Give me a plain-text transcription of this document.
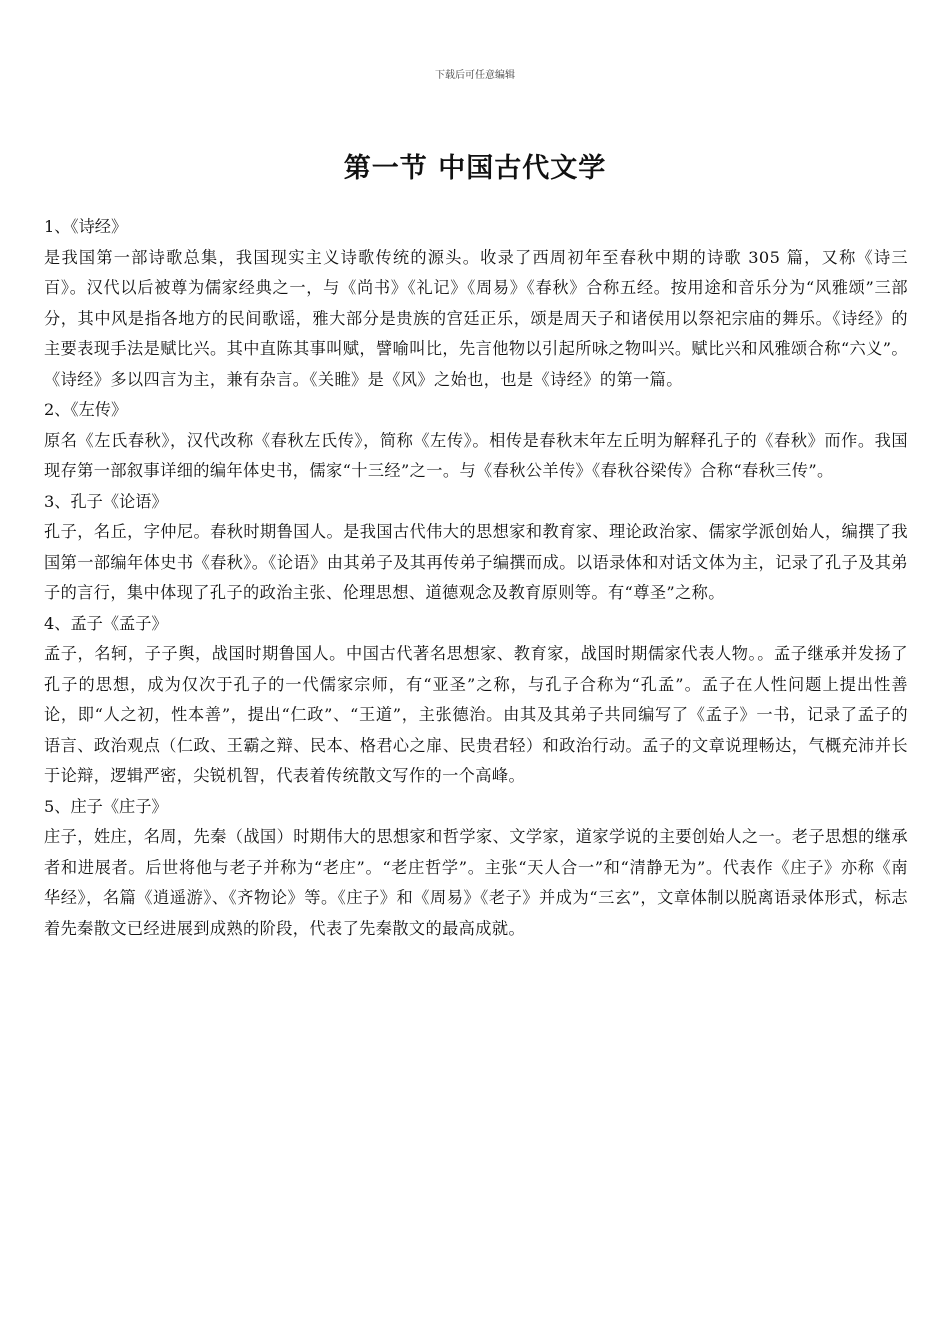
下载后可任意编辑
第一节 中国古代文学

1、《诗经》

是我国第一部诗歌总集，我国现实主义诗歌传统的源头。收录了西周初年至春秋中期的诗歌 305 篇，又称《诗三百》。汉代以后被尊为儒家经典之一，与《尚书》《礼记》《周易》《春秋》合称五经。按用途和音乐分为“风雅颂”三部分，其中风是指各地方的民间歌谣，雅大部分是贵族的宫廷正乐，颂是周天子和诸侯用以祭祀宗庙的舞乐。《诗经》的主要表现手法是赋比兴。其中直陈其事叫赋，譬喻叫比，先言他物以引起所咏之物叫兴。赋比兴和风雅颂合称“六义”。《诗经》多以四言为主，兼有杂言。《关睢》是《风》之始也，也是《诗经》的第一篇。

2、《左传》

原名《左氏春秋》，汉代改称《春秋左氏传》，简称《左传》。相传是春秋末年左丘明为解释孔子的《春秋》而作。我国现存第一部叙事详细的编年体史书，儒家“十三经”之一。与《春秋公羊传》《春秋谷梁传》合称“春秋三传”。

3、孔子《论语》

孔子，名丘，字仲尼。春秋时期鲁国人。是我国古代伟大的思想家和教育家、理论政治家、儒家学派创始人，编撰了我国第一部编年体史书《春秋》。《论语》由其弟子及其再传弟子编撰而成。以语录体和对话文体为主，记录了孔子及其弟子的言行，集中体现了孔子的政治主张、伦理思想、道德观念及教育原则等。有“尊圣”之称。

4、孟子《孟子》

孟子，名轲，子子舆，战国时期鲁国人。中国古代著名思想家、教育家，战国时期儒家代表人物。。孟子继承并发扬了孔子的思想，成为仅次于孔子的一代儒家宗师，有“亚圣”之称，与孔子合称为“孔孟”。孟子在人性问题上提出性善论，即“人之初，性本善”，提出“仁政”、“王道”，主张德治。由其及其弟子共同编写了《孟子》一书，记录了孟子的语言、政治观点（仁政、王霸之辩、民本、格君心之扉、民贵君轻）和政治行动。孟子的文章说理畅达，气概充沛并长于论辩，逻辑严密，尖锐机智，代表着传统散文写作的一个高峰。

5、庄子《庄子》

庄子，姓庄，名周，先秦（战国）时期伟大的思想家和哲学家、文学家，道家学说的主要创始人之一。老子思想的继承者和进展者。后世将他与老子并称为“老庄”。“老庄哲学”。主张“天人合一”和“清静无为”。代表作《庄子》亦称《南华经》，名篇《逍遥游》、《齐物论》等。《庄子》和《周易》《老子》并成为“三玄”，文章体制以脱离语录体形式，标志着先秦散文已经进展到成熟的阶段，代表了先秦散文的最高成就。
